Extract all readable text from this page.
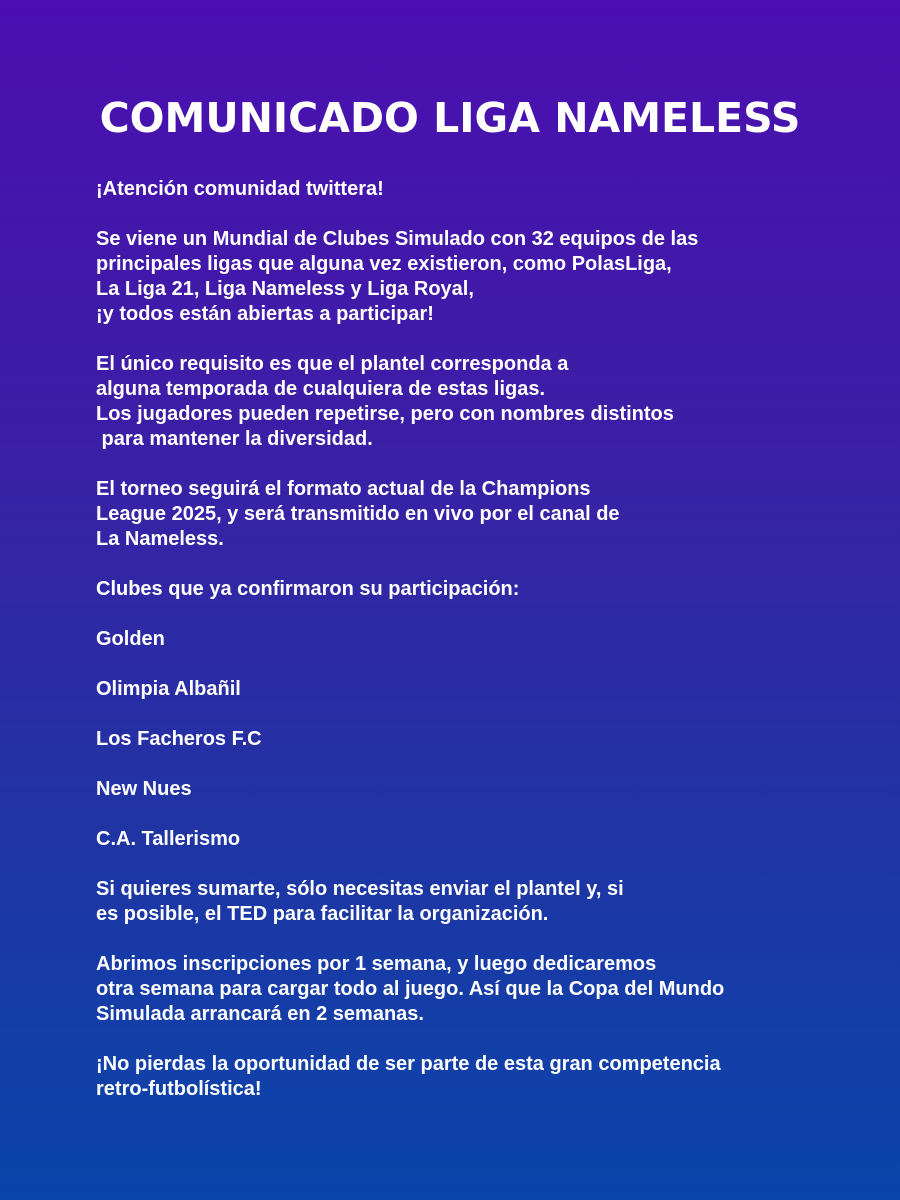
COMUNICADO LIGA NAMELESS

¡Atención comunidad twittera!

Se viene un Mundial de Clubes Simulado con 32 equipos de las

principales ligas que alguna vez existieron, como PolasLiga,

La Liga 21, Liga Nameless y Liga Royal,

¡y todos están abiertas a participar!

El único requisito es que el plantel corresponda a

alguna temporada de cualquiera de estas ligas.

Los jugadores pueden repetirse, pero con nombres distintos

para mantener la diversidad.

El torneo seguirá el formato actual de la Champions

League 2025, y será transmitido en vivo por el canal de

La Nameless.

Clubes que ya confirmaron su participación:

Golden

Olimpia Albañil

Los Facheros F.C

New Nues

C.A. Tallerismo

Si quieres sumarte, sólo necesitas enviar el plantel y, si

es posible, el TED para facilitar la organización.

Abrimos inscripciones por 1 semana, y luego dedicaremos

otra semana para cargar todo al juego. Así que la Copa del Mundo

Simulada arrancará en 2 semanas.

¡No pierdas la oportunidad de ser parte de esta gran competencia

retro-futbolística!
